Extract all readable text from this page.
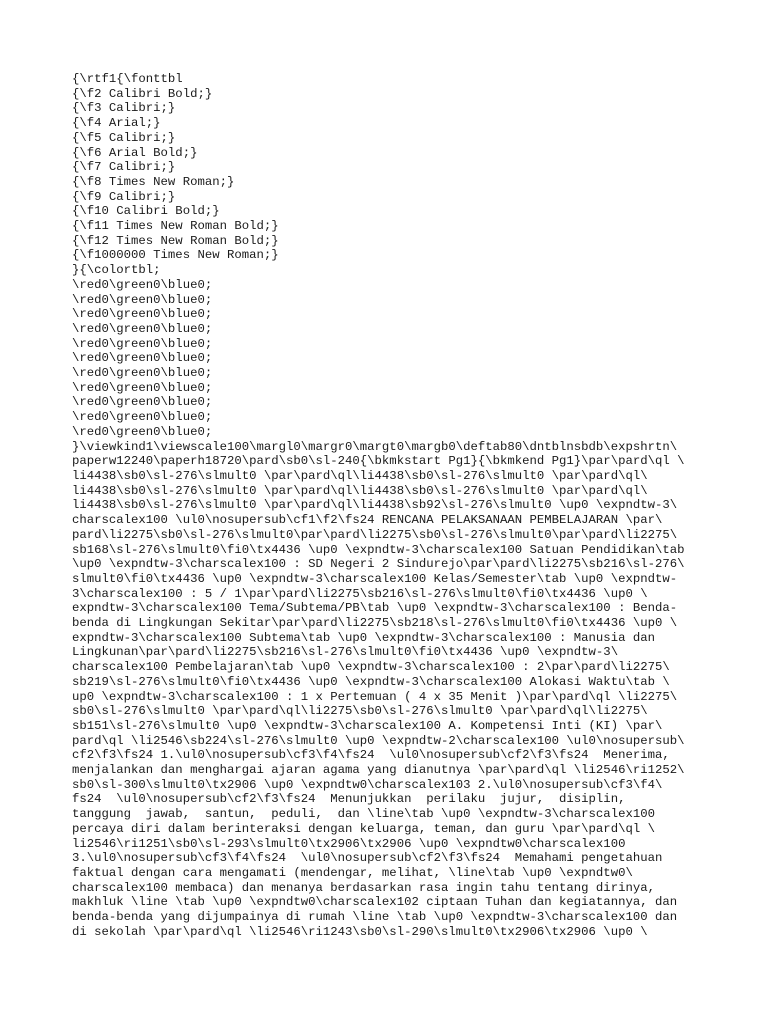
{\rtf1{\fonttbl
{\f2 Calibri Bold;}
{\f3 Calibri;}
{\f4 Arial;}
{\f5 Calibri;}
{\f6 Arial Bold;}
{\f7 Calibri;}
{\f8 Times New Roman;}
{\f9 Calibri;}
{\f10 Calibri Bold;}
{\f11 Times New Roman Bold;}
{\f12 Times New Roman Bold;}
{\f1000000 Times New Roman;}
}{\colortbl;
\red0\green0\blue0;
\red0\green0\blue0;
\red0\green0\blue0;
\red0\green0\blue0;
\red0\green0\blue0;
\red0\green0\blue0;
\red0\green0\blue0;
\red0\green0\blue0;
\red0\green0\blue0;
\red0\green0\blue0;
\red0\green0\blue0;
}\viewkind1\viewscale100\margl0\margr0\margt0\margb0\deftab80\dntblnsbdb\expshrtn\
paperw12240\paperh18720\pard\sb0\sl-240{\bkmkstart Pg1}{\bkmkend Pg1}\par\pard\ql \
li4438\sb0\sl-276\slmult0 \par\pard\ql\li4438\sb0\sl-276\slmult0 \par\pard\ql\
li4438\sb0\sl-276\slmult0 \par\pard\ql\li4438\sb0\sl-276\slmult0 \par\pard\ql\
li4438\sb0\sl-276\slmult0 \par\pard\ql\li4438\sb92\sl-276\slmult0 \up0 \expndtw-3\
charscalex100 \ul0\nosupersub\cf1\f2\fs24 RENCANA PELAKSANAAN PEMBELAJARAN \par\
pard\li2275\sb0\sl-276\slmult0\par\pard\li2275\sb0\sl-276\slmult0\par\pard\li2275\
sb168\sl-276\slmult0\fi0\tx4436 \up0 \expndtw-3\charscalex100 Satuan Pendidikan\tab
\up0 \expndtw-3\charscalex100 : SD Negeri 2 Sindurejo\par\pard\li2275\sb216\sl-276\
slmult0\fi0\tx4436 \up0 \expndtw-3\charscalex100 Kelas/Semester\tab \up0 \expndtw-
3\charscalex100 : 5 / 1\par\pard\li2275\sb216\sl-276\slmult0\fi0\tx4436 \up0 \
expndtw-3\charscalex100 Tema/Subtema/PB\tab \up0 \expndtw-3\charscalex100 : Benda-
benda di Lingkungan Sekitar\par\pard\li2275\sb218\sl-276\slmult0\fi0\tx4436 \up0 \
expndtw-3\charscalex100 Subtema\tab \up0 \expndtw-3\charscalex100 : Manusia dan
Lingkunan\par\pard\li2275\sb216\sl-276\slmult0\fi0\tx4436 \up0 \expndtw-3\
charscalex100 Pembelajaran\tab \up0 \expndtw-3\charscalex100 : 2\par\pard\li2275\
sb219\sl-276\slmult0\fi0\tx4436 \up0 \expndtw-3\charscalex100 Alokasi Waktu\tab \
up0 \expndtw-3\charscalex100 : 1 x Pertemuan ( 4 x 35 Menit )\par\pard\ql \li2275\
sb0\sl-276\slmult0 \par\pard\ql\li2275\sb0\sl-276\slmult0 \par\pard\ql\li2275\
sb151\sl-276\slmult0 \up0 \expndtw-3\charscalex100 A. Kompetensi Inti (KI) \par\
pard\ql \li2546\sb224\sl-276\slmult0 \up0 \expndtw-2\charscalex100 \ul0\nosupersub\
cf2\f3\fs24 1.\ul0\nosupersub\cf3\f4\fs24  \ul0\nosupersub\cf2\f3\fs24  Menerima,
menjalankan dan menghargai ajaran agama yang dianutnya \par\pard\ql \li2546\ri1252\
sb0\sl-300\slmult0\tx2906 \up0 \expndtw0\charscalex103 2.\ul0\nosupersub\cf3\f4\
fs24  \ul0\nosupersub\cf2\f3\fs24  Menunjukkan  perilaku  jujur,  disiplin,
tanggung  jawab,  santun,  peduli,  dan \line\tab \up0 \expndtw-3\charscalex100
percaya diri dalam berinteraksi dengan keluarga, teman, dan guru \par\pard\ql \
li2546\ri1251\sb0\sl-293\slmult0\tx2906\tx2906 \up0 \expndtw0\charscalex100
3.\ul0\nosupersub\cf3\f4\fs24  \ul0\nosupersub\cf2\f3\fs24  Memahami pengetahuan
faktual dengan cara mengamati (mendengar, melihat, \line\tab \up0 \expndtw0\
charscalex100 membaca) dan menanya berdasarkan rasa ingin tahu tentang dirinya,
makhluk \line \tab \up0 \expndtw0\charscalex102 ciptaan Tuhan dan kegiatannya, dan
benda-benda yang dijumpainya di rumah \line \tab \up0 \expndtw-3\charscalex100 dan
di sekolah \par\pard\ql \li2546\ri1243\sb0\sl-290\slmult0\tx2906\tx2906 \up0 \
